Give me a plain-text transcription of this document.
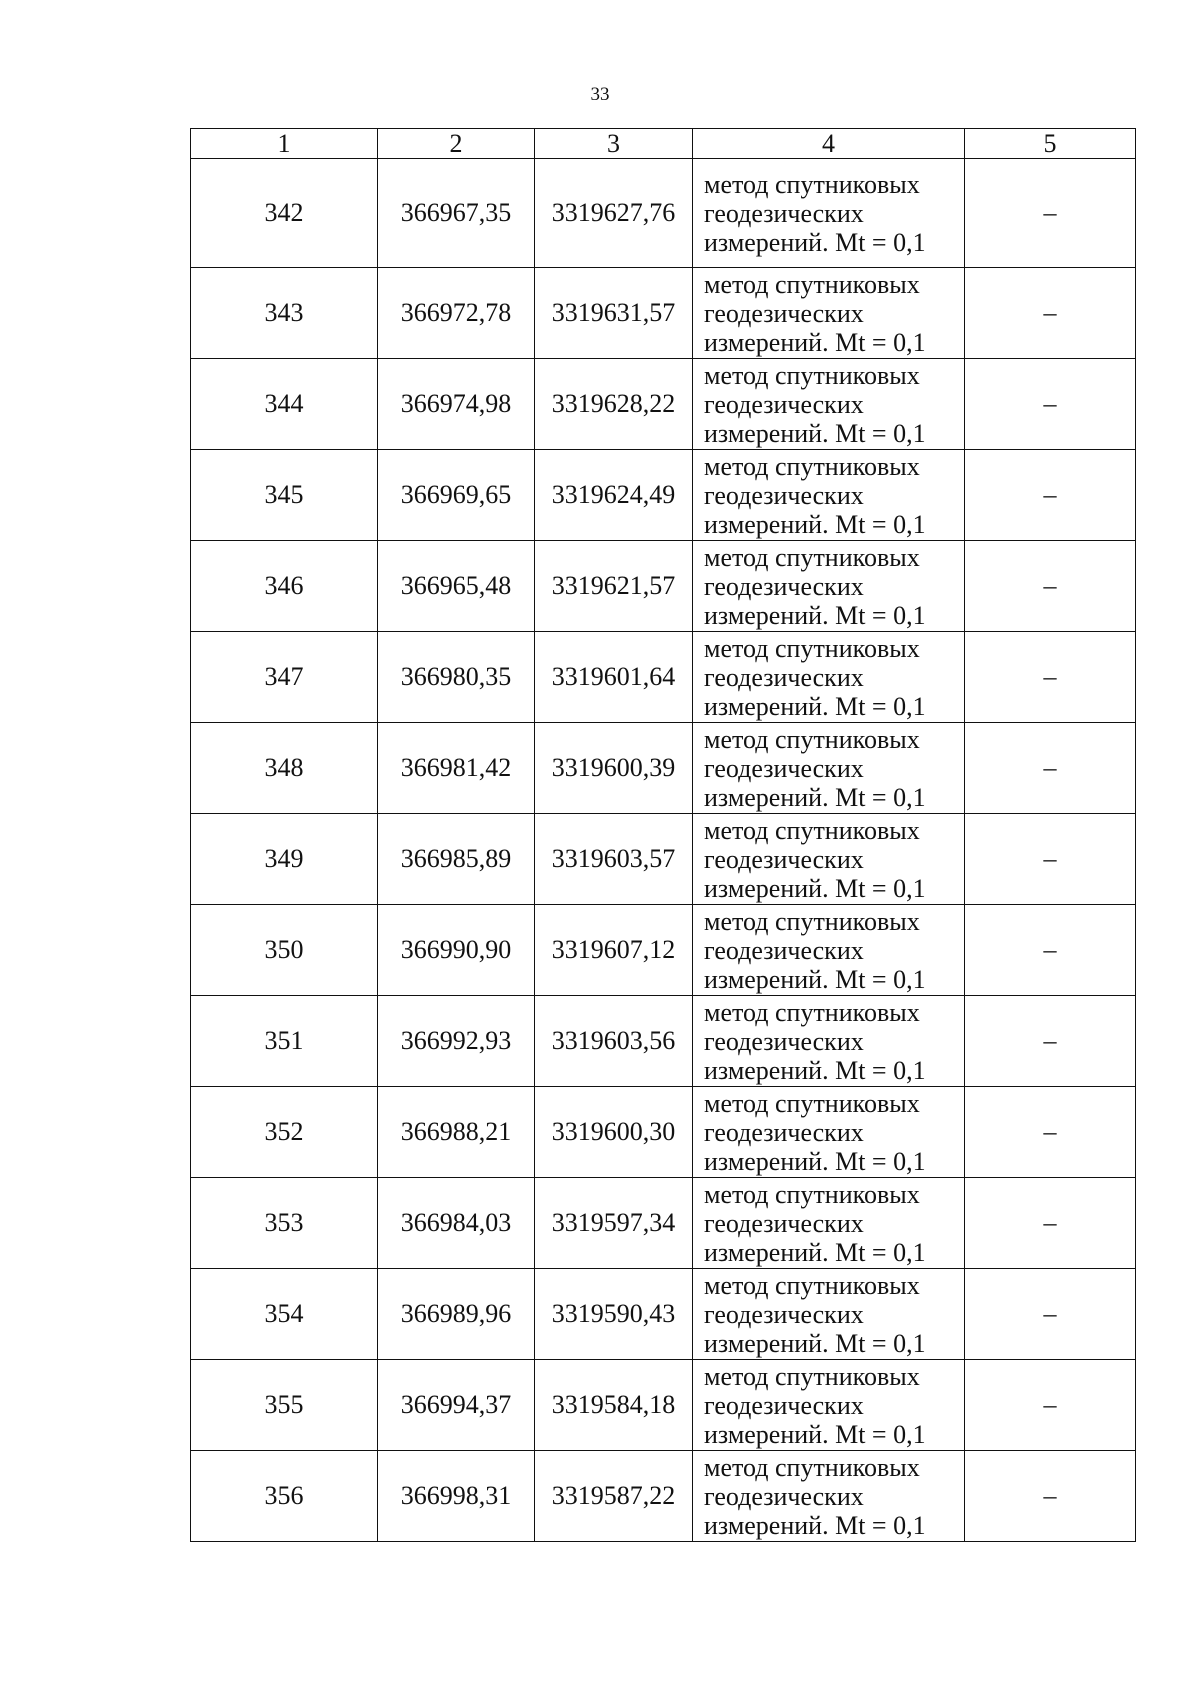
33
1	2	3	4	5
342	366967,35	3319627,76	метод спутниковых
геодезических
измерений. Mt = 0,1	–
343	366972,78	3319631,57	метод спутниковых
геодезических
измерений. Mt = 0,1	–
344	366974,98	3319628,22	метод спутниковых
геодезических
измерений. Mt = 0,1	–
345	366969,65	3319624,49	метод спутниковых
геодезических
измерений. Mt = 0,1	–
346	366965,48	3319621,57	метод спутниковых
геодезических
измерений. Mt = 0,1	–
347	366980,35	3319601,64	метод спутниковых
геодезических
измерений. Mt = 0,1	–
348	366981,42	3319600,39	метод спутниковых
геодезических
измерений. Mt = 0,1	–
349	366985,89	3319603,57	метод спутниковых
геодезических
измерений. Mt = 0,1	–
350	366990,90	3319607,12	метод спутниковых
геодезических
измерений. Mt = 0,1	–
351	366992,93	3319603,56	метод спутниковых
геодезических
измерений. Mt = 0,1	–
352	366988,21	3319600,30	метод спутниковых
геодезических
измерений. Mt = 0,1	–
353	366984,03	3319597,34	метод спутниковых
геодезических
измерений. Mt = 0,1	–
354	366989,96	3319590,43	метод спутниковых
геодезических
измерений. Mt = 0,1	–
355	366994,37	3319584,18	метод спутниковых
геодезических
измерений. Mt = 0,1	–
356	366998,31	3319587,22	метод спутниковых
геодезических
измерений. Mt = 0,1	–
